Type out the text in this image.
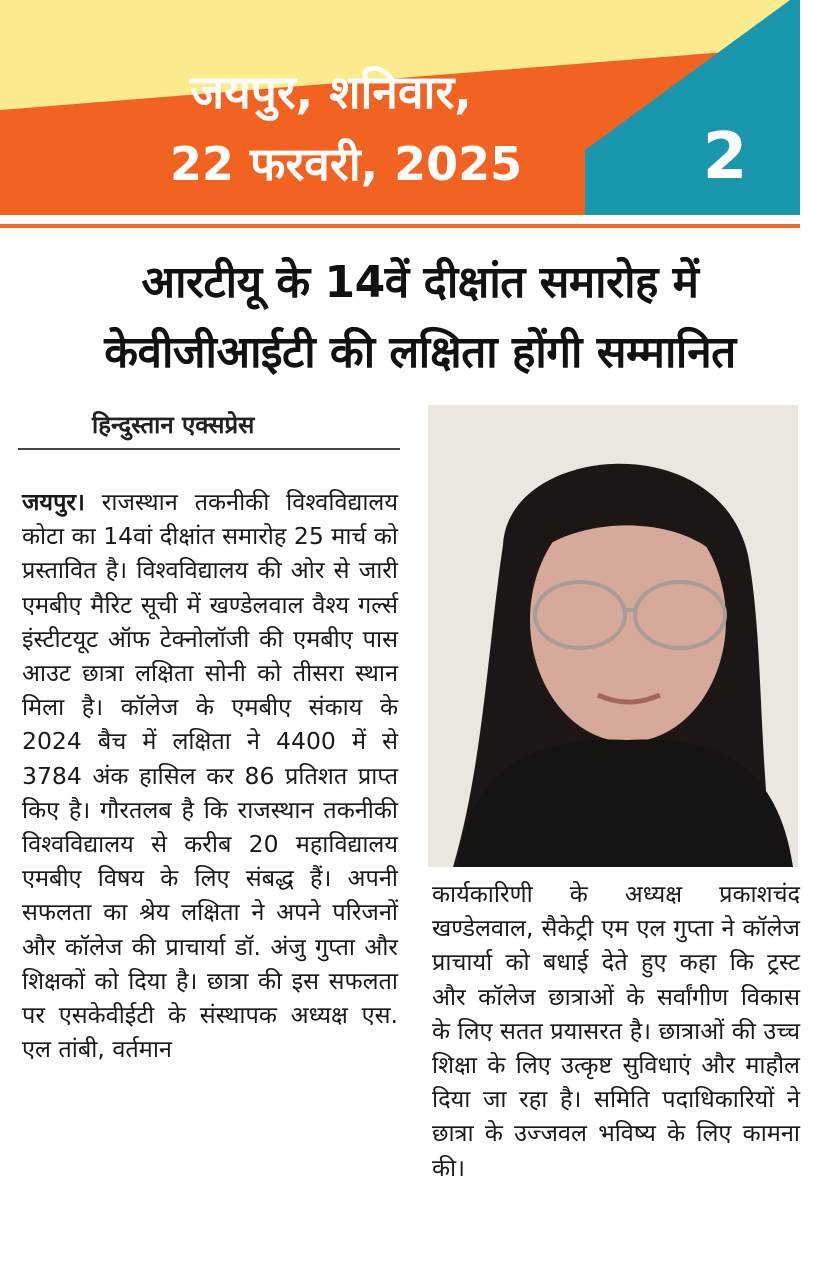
जयपुर, शनिवार,
22 फरवरी, 2025	2
आरटीयू के 14वें दीक्षांत समारोह में
केवीजीआईटी की लक्षिता होंगी सम्मानित
हिन्दुस्तान एक्सप्रेस
जयपुर। राजस्थान तकनीकी विश्वविद्यालय कोटा का 14वां दीक्षांत समारोह 25 मार्च को प्रस्तावित है। विश्वविद्यालय की ओर से जारी एमबीए मैरिट सूची में खण्डेलवाल वैश्य गर्ल्स इंस्टीटयूट ऑफ टेक्नोलॉजी की एमबीए पास आउट छात्रा लक्षिता सोनी को तीसरा स्थान मिला है। कॉलेज के एमबीए संकाय के 2024 बैच में लक्षिता ने 4400 में से 3784 अंक हासिल कर 86 प्रतिशत प्राप्त किए है। गौरतलब है कि राजस्थान तकनीकी विश्वविद्यालय से करीब 20 महाविद्यालय एमबीए विषय के लिए संबद्ध हैं। अपनी सफलता का श्रेय लक्षिता ने अपने परिजनों और कॉलेज की प्राचार्या डॉ. अंजु गुप्ता और शिक्षकों को दिया है। छात्रा की इस सफलता पर एसकेवीईटी के संस्थापक अध्यक्ष एस. एल तांबी, वर्तमान
कार्यकारिणी के अध्यक्ष प्रकाशचंद खण्डेलवाल, सैकेट्री एम एल गुप्ता ने कॉलेज प्राचार्या को बधाई देते हुए कहा कि ट्रस्ट और कॉलेज छात्राओं के सर्वांगीण विकास के लिए सतत प्रयासरत है। छात्राओं की उच्च शिक्षा के लिए उत्कृष्ट सुविधाएं और माहौल दिया जा रहा है। समिति पदाधिकारियों ने छात्रा के उज्जवल भविष्य के लिए कामना की।
